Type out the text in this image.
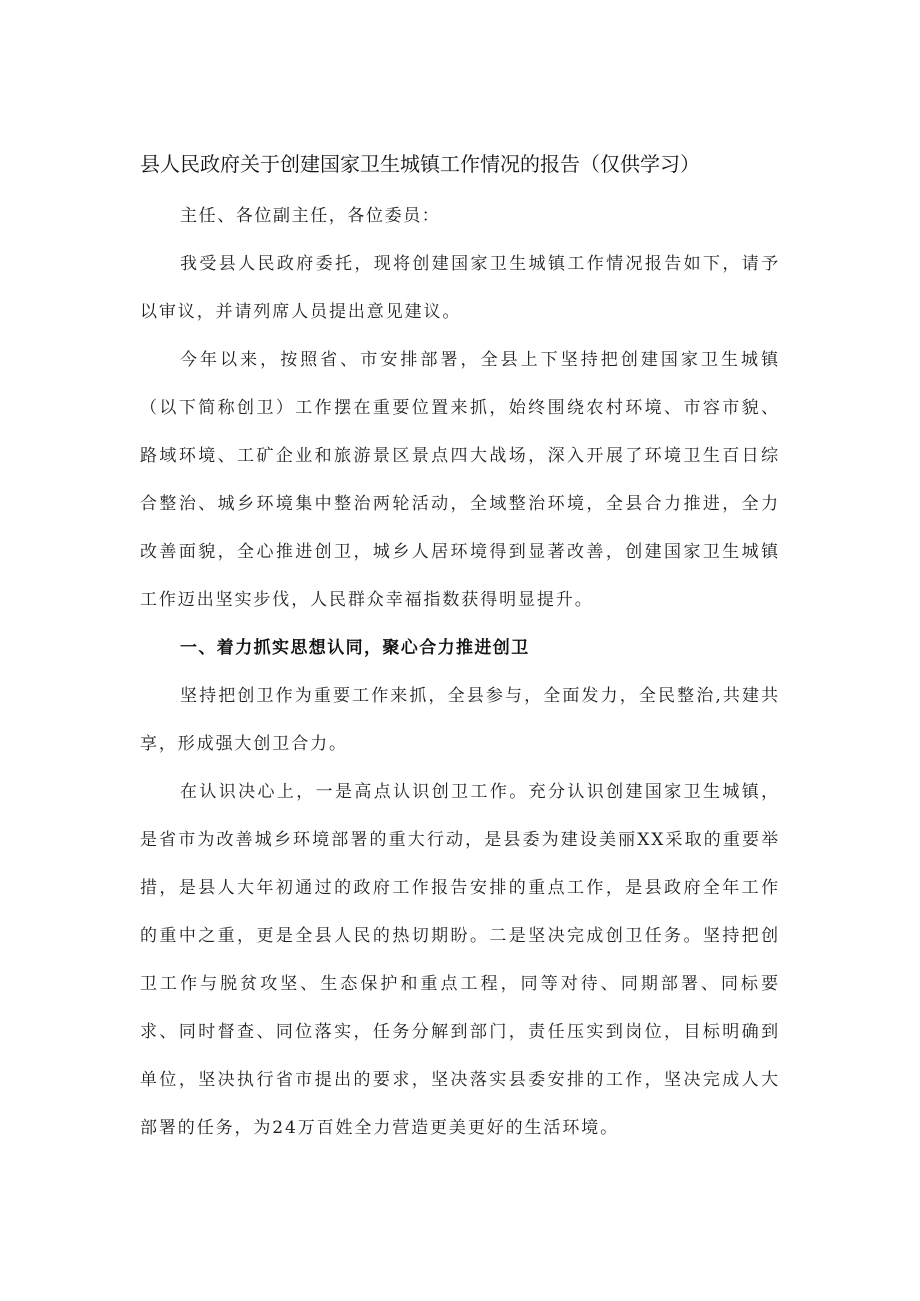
县人民政府关于创建国家卫生城镇工作情况的报告（仅供学习）
主任、各位副主任，各位委员：

我受县人民政府委托，现将创建国家卫生城镇工作情况报告如下，请予以审议，并请列席人员提出意见建议。

今年以来，按照省、市安排部署，全县上下坚持把创建国家卫生城镇（以下简称创卫）工作摆在重要位置来抓，始终围绕农村环境、市容市貌、路域环境、工矿企业和旅游景区景点四大战场，深入开展了环境卫生百日综合整治、城乡环境集中整治两轮活动，全域整治环境，全县合力推进，全力改善面貌，全心推进创卫，城乡人居环境得到显著改善，创建国家卫生城镇工作迈出坚实步伐，人民群众幸福指数获得明显提升。

一、着力抓实思想认同，聚心合力推进创卫

坚持把创卫作为重要工作来抓，全县参与，全面发力，全民整治,共建共享，形成强大创卫合力。

在认识决心上，一是高点认识创卫工作。充分认识创建国家卫生城镇，是省市为改善城乡环境部署的重大行动，是县委为建设美丽XX采取的重要举措，是县人大年初通过的政府工作报告安排的重点工作，是县政府全年工作的重中之重，更是全县人民的热切期盼。二是坚决完成创卫任务。坚持把创卫工作与脱贫攻坚、生态保护和重点工程，同等对待、同期部署、同标要求、同时督查、同位落实，任务分解到部门，责任压实到岗位，目标明确到单位，坚决执行省市提出的要求，坚决落实县委安排的工作，坚决完成人大部署的任务，为24万百姓全力营造更美更好的生活环境。
